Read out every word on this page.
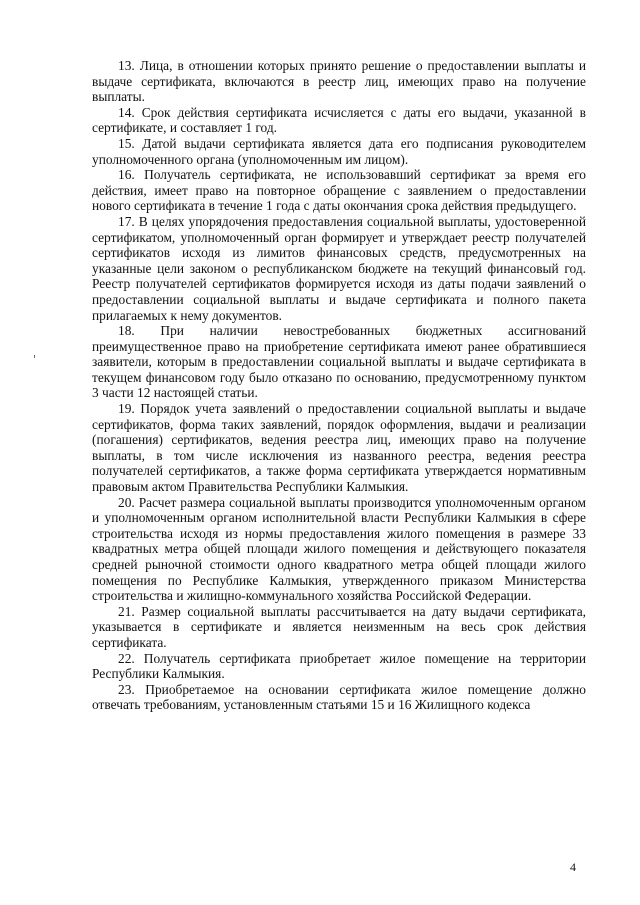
13. Лица, в отношении которых принято решение о предоставлении выплаты и выдаче сертификата, включаются в реестр лиц, имеющих право на получение выплаты.

14. Срок действия сертификата исчисляется с даты его выдачи, указанной в сертификате, и составляет 1 год.

15. Датой выдачи сертификата является дата его подписания руководителем уполномоченного органа (уполномоченным им лицом).

16. Получатель сертификата, не использовавший сертификат за время его действия, имеет право на повторное обращение с заявлением о предоставлении нового сертификата в течение 1 года с даты окончания срока действия предыдущего.

17. В целях упорядочения предоставления социальной выплаты, удостоверенной сертификатом, уполномоченный орган формирует и утверждает реестр получателей сертификатов исходя из лимитов финансовых средств, предусмотренных на указанные цели законом о республиканском бюджете на текущий финансовый год. Реестр получателей сертификатов формируется исходя из даты подачи заявлений о предоставлении социальной выплаты и выдаче сертификата и полного пакета прилагаемых к нему документов.

18. При наличии невостребованных бюджетных ассигнований преимущественное право на приобретение сертификата имеют ранее обратившиеся заявители, которым в предоставлении социальной выплаты и выдаче сертификата в текущем финансовом году было отказано по основанию, предусмотренному пунктом 3 части 12 настоящей статьи.

19. Порядок учета заявлений о предоставлении социальной выплаты и выдаче сертификатов, форма таких заявлений, порядок оформления, выдачи и реализации (погашения) сертификатов, ведения реестра лиц, имеющих право на получение выплаты, в том числе исключения из названного реестра, ведения реестра получателей сертификатов, а также форма сертификата утверждается нормативным правовым актом Правительства Республики Калмыкия.

20. Расчет размера социальной выплаты производится уполномоченным органом и уполномоченным органом исполнительной власти Республики Калмыкия в сфере строительства исходя из нормы предоставления жилого помещения в размере 33 квадратных метра общей площади жилого помещения и действующего показателя средней рыночной стоимости одного квадратного метра общей площади жилого помещения по Республике Калмыкия, утвержденного приказом Министерства строительства и жилищно-коммунального хозяйства Российской Федерации.

21. Размер социальной выплаты рассчитывается на дату выдачи сертификата, указывается в сертификате и является неизменным на весь срок действия сертификата.

22. Получатель сертификата приобретает жилое помещение на территории Республики Калмыкия.

23. Приобретаемое на основании сертификата жилое помещение должно отвечать требованиям, установленным статьями 15 и 16 Жилищного кодекса

4
